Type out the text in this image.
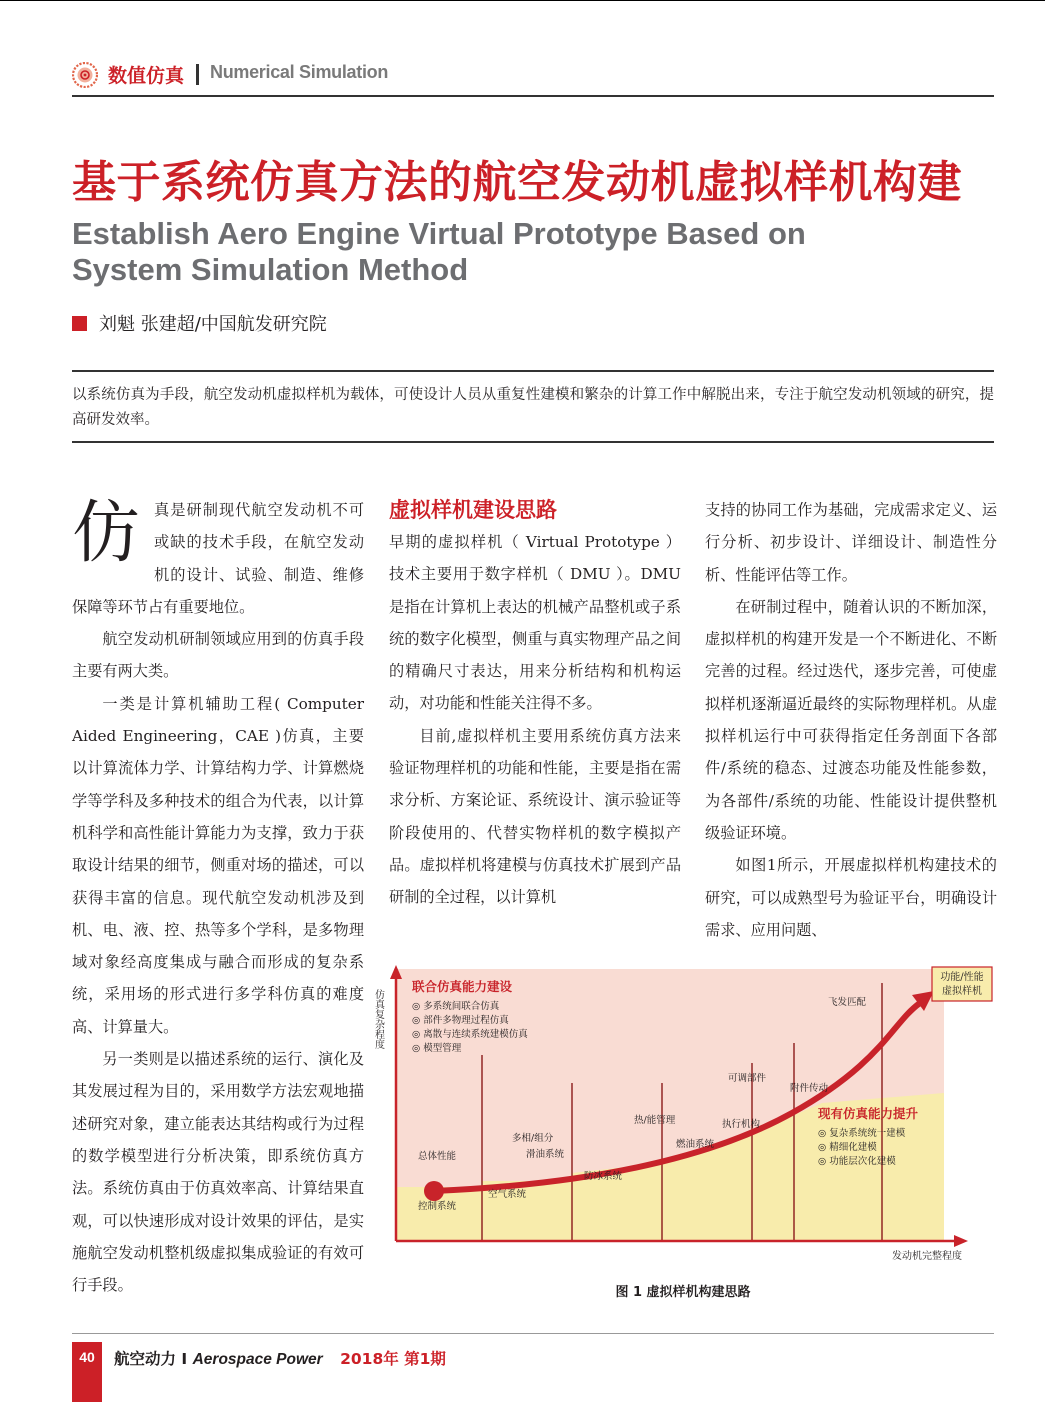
数值仿真 Numerical Simulation
基于系统仿真方法的航空发动机虚拟样机构建
Establish Aero Engine Virtual Prototype Based on
System Simulation Method
刘魁 张建超/中国航发研究院
以系统仿真为手段，航空发动机虚拟样机为载体，可使设计人员从重复性建模和繁杂的计算工作中解脱出来，专注于航空发动机领域的研究，提高研发效率。
仿 真是研制现代航空发动机不可或缺的技术手段，在航空发动机的设计、试验、制造、维修保障等环节占有重要地位。

航空发动机研制领域应用到的仿真手段主要有两大类。

一类是计算机辅助工程( Computer Aided Engineering，CAE )仿真，主要以计算流体力学、计算结构力学、计算燃烧学等学科及多种技术的组合为代表，以计算机科学和高性能计算能力为支撑，致力于获取设计结果的细节，侧重对场的描述，可以获得丰富的信息。现代航空发动机涉及到机、电、液、控、热等多个学科，是多物理域对象经高度集成与融合而形成的复杂系统，采用场的形式进行多学科仿真的难度高、计算量大。

另一类则是以描述系统的运行、演化及其发展过程为目的，采用数学方法宏观地描述研究对象，建立能表达其结构或行为过程的数学模型进行分析决策，即系统仿真方法。系统仿真由于仿真效率高、计算结果直观，可以快速形成对设计效果的评估，是实施航空发动机整机级虚拟集成验证的有效可行手段。

虚拟样机建设思路

早期的虚拟样机（ Virtual Prototype ）技术主要用于数字样机（ DMU ）。DMU是指在计算机上表达的机械产品整机或子系统的数字化模型，侧重与真实物理产品之间的精确尺寸表达，用来分析结构和机构运动，对功能和性能关注得不多。

目前,虚拟样机主要用系统仿真方法来验证物理样机的功能和性能，主要是指在需求分析、方案论证、系统设计、演示验证等阶段使用的、代替实物样机的数字模拟产品。虚拟样机将建模与仿真技术扩展到产品研制的全过程，以计算机

支持的协同工作为基础，完成需求定义、运行分析、初步设计、详细设计、制造性分析、性能评估等工作。

在研制过程中，随着认识的不断加深，虚拟样机的构建开发是一个不断进化、不断完善的过程。经过迭代，逐步完善，可使虚拟样机逐渐逼近最终的实际物理样机。从虚拟样机运行中可获得指定任务剖面下各部件/系统的稳态、过渡态功能及性能参数，为各部件/系统的功能、性能设计提供整机级验证环境。

如图1所示，开展虚拟样机构建技术的研究，可以成熟型号为验证平台，明确设计需求、应用问题、

功能/性能
虚拟样机
仿真复杂程度
发动机完整程度
联合仿真能力建设
◎ 多系统间联合仿真
◎ 部件多物理过程仿真
◎ 离散与连续系统建模仿真
◎ 模型管理
现有仿真能力提升
◎ 复杂系统统一建模
◎ 精细化建模
◎ 功能层次化建模
总体性能
控制系统
空气系统
多相/组分
滑油系统
防冰系统
热/能管理
燃油系统
执行机构
可调部件
附件传动
飞发匹配
图 1 虚拟样机构建思路
40	航空动力 I Aerospace Power 2018年 第1期
